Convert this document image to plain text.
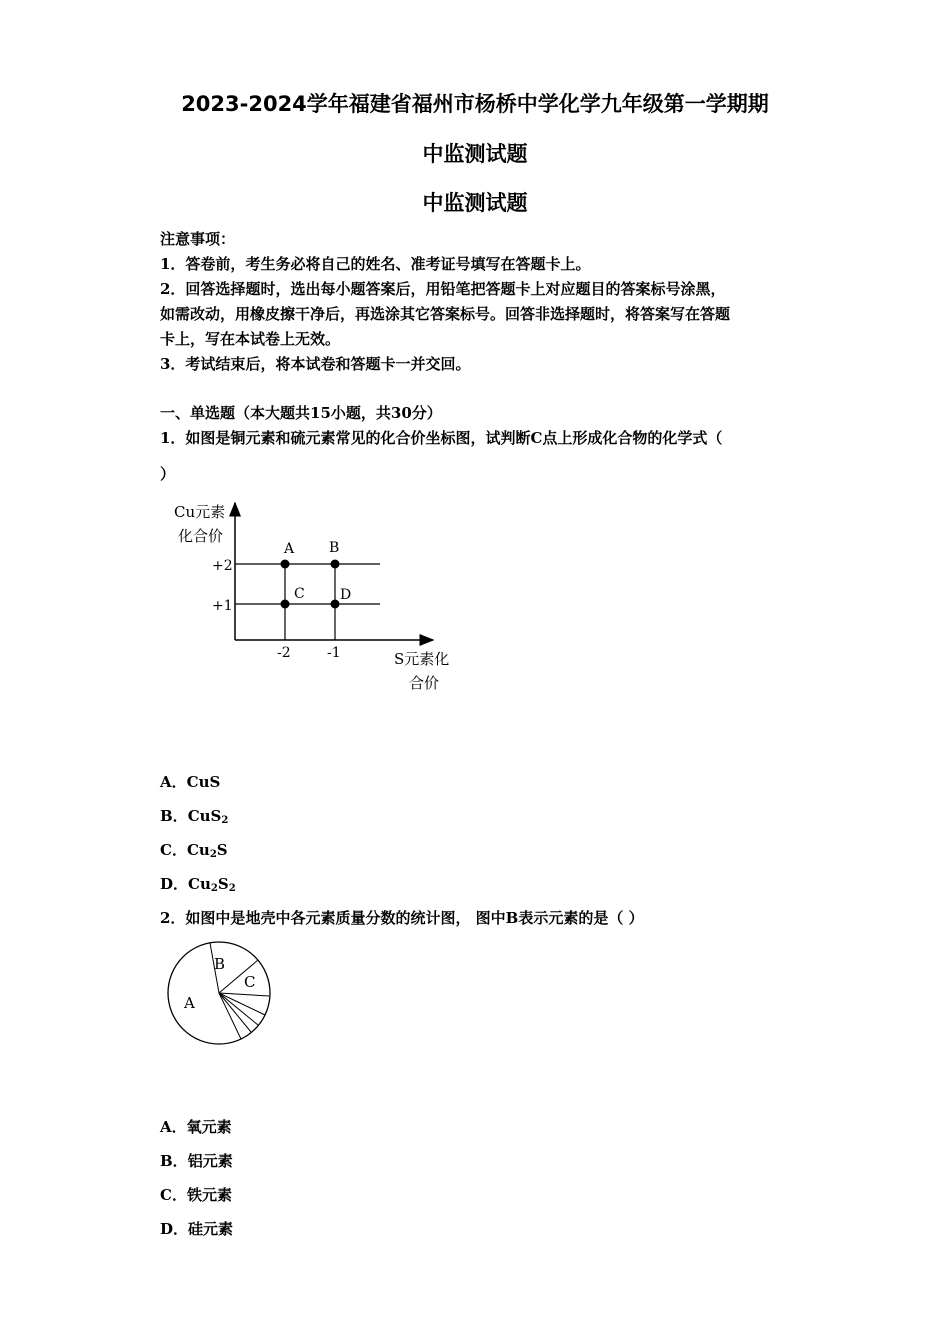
2023-2024学年福建省福州市杨桥中学化学九年级第一学期期
中监测试题
中监测试题
注意事项：
1．答卷前，考生务必将自己的姓名、准考证号填写在答题卡上。
2．回答选择题时，选出每小题答案后，用铅笔把答题卡上对应题目的答案标号涂黑，
如需改动，用橡皮擦干净后，再选涂其它答案标号。回答非选择题时，将答案写在答题
卡上，写在本试卷上无效。
3．考试结束后，将本试卷和答题卡一并交回。
一、单选题（本大题共15小题，共30分）
1．如图是铜元素和硫元素常见的化合价坐标图，试判断C点上形成化合物的化学式（
）
Cu元素
化合价
+2
+1
-2	-1	S元素化
合价
A B
C	D
A．CuS
B．CuS$_2$
C．$Cu_2S$
D．$Cu_2S_2$
2．如图中是地壳中各元素质量分数的统计图， 图中B表示元素的是（ ）
A
B
C
A．氧元素
B．铝元素
C．铁元素
D．硅元素
